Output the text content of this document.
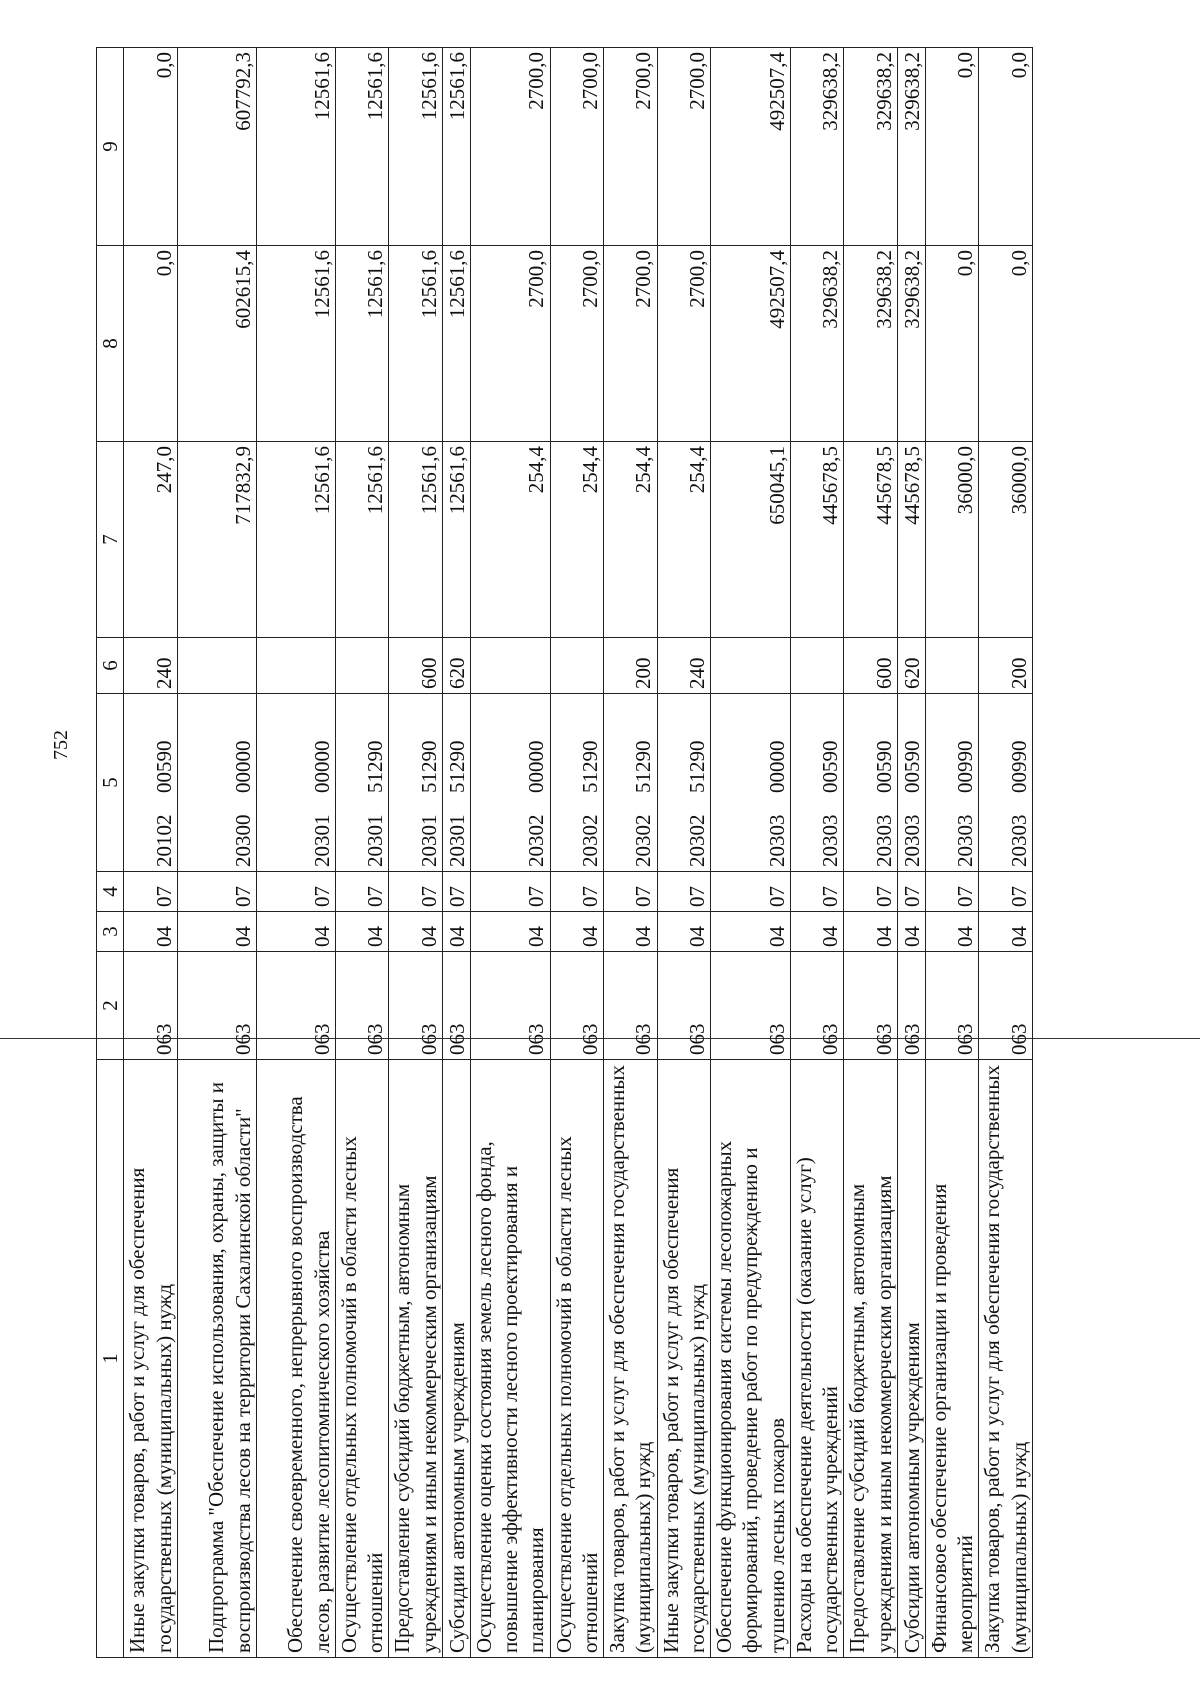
752
1	2	3	4	5	6	7	8	9
Иные закупки товаров, работ и услуг для обеспечения государственных (муниципальных) нужд	063	04	07	2010200590	240	247,0	0,0	0,0
Подпрограмма "Обеспечение использования, охраны, защиты и воспроизводства лесов на территории Сахалинской области"	063	04	07	2030000000		717832,9	602615,4	607792,3
Обеспечение своевременного, непрерывного воспроизводства лесов, развитие лесопитомнического хозяйства	063	04	07	2030100000		12561,6	12561,6	12561,6
Осуществление отдельных полномочий в области лесных отношений	063	04	07	2030151290		12561,6	12561,6	12561,6
Предоставление субсидий бюджетным, автономным учреждениям и иным некоммерческим организациям	063	04	07	2030151290	600	12561,6	12561,6	12561,6
Субсидии автономным учреждениям	063	04	07	2030151290	620	12561,6	12561,6	12561,6
Осуществление оценки состояния земель лесного фонда, повышение эффективности лесного проектирования и планирования	063	04	07	2030200000		254,4	2700,0	2700,0
Осуществление отдельных полномочий в области лесных отношений	063	04	07	2030251290		254,4	2700,0	2700,0
Закупка товаров, работ и услуг для обеспечения государственных (муниципальных) нужд	063	04	07	2030251290	200	254,4	2700,0	2700,0
Иные закупки товаров, работ и услуг для обеспечения государственных (муниципальных) нужд	063	04	07	2030251290	240	254,4	2700,0	2700,0
Обеспечение функционирования системы лесопожарных формирований, проведение работ по предупреждению и тушению лесных пожаров	063	04	07	2030300000		650045,1	492507,4	492507,4
Расходы на обеспечение деятельности (оказание услуг) государственных учреждений	063	04	07	2030300590		445678,5	329638,2	329638,2
Предоставление субсидий бюджетным, автономным учреждениям и иным некоммерческим организациям	063	04	07	2030300590	600	445678,5	329638,2	329638,2
Субсидии автономным учреждениям	063	04	07	2030300590	620	445678,5	329638,2	329638,2
Финансовое обеспечение организации и проведения мероприятий	063	04	07	2030300990		36000,0	0,0	0,0
Закупка товаров, работ и услуг для обеспечения государственных (муниципальных) нужд	063	04	07	2030300990	200	36000,0	0,0	0,0
